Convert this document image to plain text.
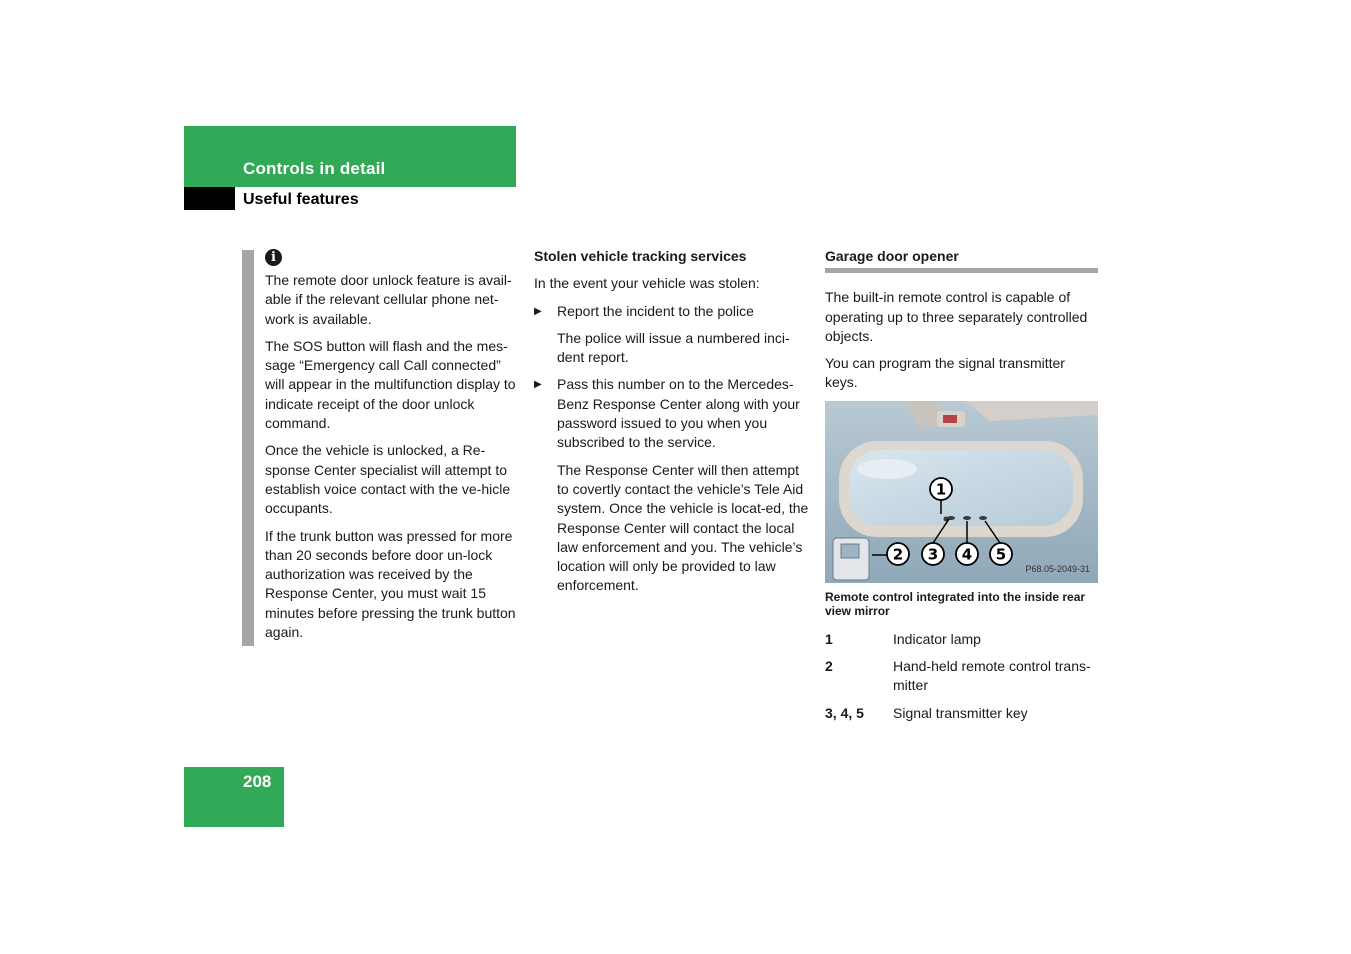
Controls in detail
Useful features
i

The remote door unlock feature is avail-able if the relevant cellular phone net-work is available.

The SOS button will flash and the mes-sage “Emergency call Call connected” will appear in the multifunction display to indicate receipt of the door unlock command.

Once the vehicle is unlocked, a Re-sponse Center specialist will attempt to establish voice contact with the ve-hicle occupants.

If the trunk button was pressed for more than 20 seconds before door un-lock authorization was received by the Response Center, you must wait 15 minutes before pressing the trunk button again.

Stolen vehicle tracking services

In the event your vehicle was stolen:

▶ Report the incident to the police
The police will issue a numbered inci-dent report.
▶ Pass this number on to the Mercedes-Benz Response Center along with your password issued to you when you subscribed to the service.
The Response Center will then attempt to covertly contact the vehicle’s Tele Aid system. Once the vehicle is locat-ed, the Response Center will contact the local law enforcement and you. The vehicle’s location will only be provided to law enforcement.
Garage door opener

The built-in remote control is capable of operating up to three separately controlled objects.

You can program the signal transmitter keys.

1
2 3 4 5
P68.05-2049-31
Remote control integrated into the inside rear view mirror
1	Indicator lamp
2	Hand-held remote control trans-mitter
3, 4, 5	Signal transmitter key
208
